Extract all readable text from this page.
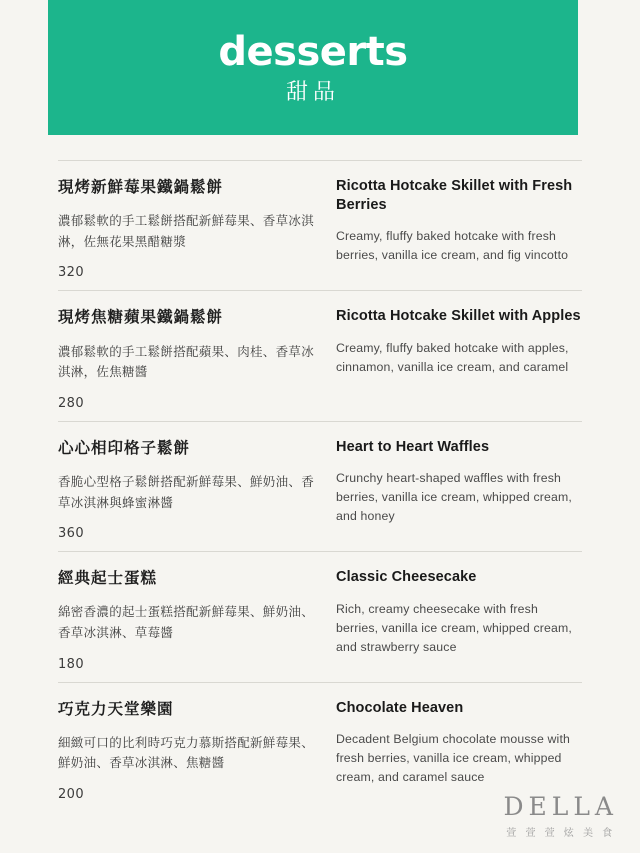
desserts
甜品
現烤新鮮莓果鐵鍋鬆餅
濃郁鬆軟的手工鬆餅搭配新鮮莓果、香草冰淇淋，佐無花果黑醋糖漿
320
Ricotta Hotcake Skillet with Fresh Berries
Creamy, fluffy baked hotcake with fresh berries, vanilla ice cream, and fig vincotto
現烤焦糖蘋果鐵鍋鬆餅
濃郁鬆軟的手工鬆餅搭配蘋果、肉桂、香草冰淇淋，佐焦糖醬
280
Ricotta Hotcake Skillet with Apples
Creamy, fluffy baked hotcake with apples, cinnamon, vanilla ice cream, and caramel
心心相印格子鬆餅
香脆心型格子鬆餅搭配新鮮莓果、鮮奶油、香草冰淇淋與蜂蜜淋醬
360
Heart to Heart Waffles
Crunchy heart-shaped waffles with fresh berries, vanilla ice cream, whipped cream, and honey
經典起士蛋糕
綿密香濃的起士蛋糕搭配新鮮莓果、鮮奶油、香草冰淇淋、草莓醬
180
Classic Cheesecake
Rich, creamy cheesecake with fresh berries, vanilla ice cream, whipped cream, and strawberry sauce
巧克力天堂樂園
細緻可口的比利時巧克力慕斯搭配新鮮莓果、鮮奶油、香草冰淇淋、焦糖醬
200
Chocolate Heaven
Decadent Belgium chocolate mousse with fresh berries, vanilla ice cream, whipped cream, and caramel sauce
DELLA
萱 萱 萱 炫 美 食
